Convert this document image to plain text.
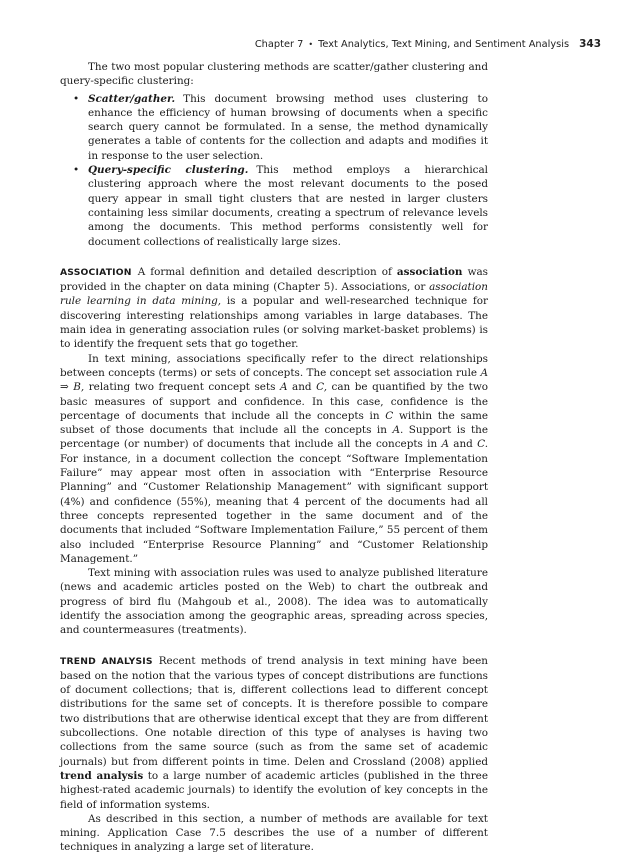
Chapter 7 • Text Analytics, Text Mining, and Sentiment Analysis 343

The two most popular clustering methods are scatter/gather clustering and query-specific clustering:

• Scatter/gather. This document browsing method uses clustering to enhance the efficiency of human browsing of documents when a specific search query cannot be formulated. In a sense, the method dynamically generates a table of contents for the collection and adapts and modifies it in response to the user selection.
• Query-specific clustering. This method employs a hierarchical clustering approach where the most relevant documents to the posed query appear in small tight clusters that are nested in larger clusters containing less similar documents, creating a spectrum of relevance levels among the documents. This method performs consistently well for document collections of realistically large sizes.

ASSOCIATION A formal definition and detailed description of association was provided in the chapter on data mining (Chapter 5). Associations, or association rule learning in data mining, is a popular and well-researched technique for discovering interesting relationships among variables in large databases. The main idea in generating association rules (or solving market-basket problems) is to identify the frequent sets that go together.

In text mining, associations specifically refer to the direct relationships between concepts (terms) or sets of concepts. The concept set association rule A ⇒ B, relating two frequent concept sets A and C, can be quantified by the two basic measures of support and confidence. In this case, confidence is the percentage of documents that include all the concepts in C within the same subset of those documents that include all the concepts in A. Support is the percentage (or number) of documents that include all the concepts in A and C. For instance, in a document collection the concept “Software Implementation Failure” may appear most often in association with “Enterprise Resource Planning” and “Customer Relationship Management” with significant support (4%) and confidence (55%), meaning that 4 percent of the documents had all three concepts represented together in the same document and of the documents that included “Software Implementation Failure,” 55 percent of them also included “Enterprise Resource Planning” and “Customer Relationship Management.”

Text mining with association rules was used to analyze published literature (news and academic articles posted on the Web) to chart the outbreak and progress of bird flu (Mahgoub et al., 2008). The idea was to automatically identify the association among the geographic areas, spreading across species, and countermeasures (treatments).

TREND ANALYSIS Recent methods of trend analysis in text mining have been based on the notion that the various types of concept distributions are functions of document collections; that is, different collections lead to different concept distributions for the same set of concepts. It is therefore possible to compare two distributions that are otherwise identical except that they are from different subcollections. One notable direction of this type of analyses is having two collections from the same source (such as from the same set of academic journals) but from different points in time. Delen and Crossland (2008) applied trend analysis to a large number of academic articles (published in the three highest-rated academic journals) to identify the evolution of key concepts in the field of information systems.

As described in this section, a number of methods are available for text mining. Application Case 7.5 describes the use of a number of different techniques in analyzing a large set of literature.
